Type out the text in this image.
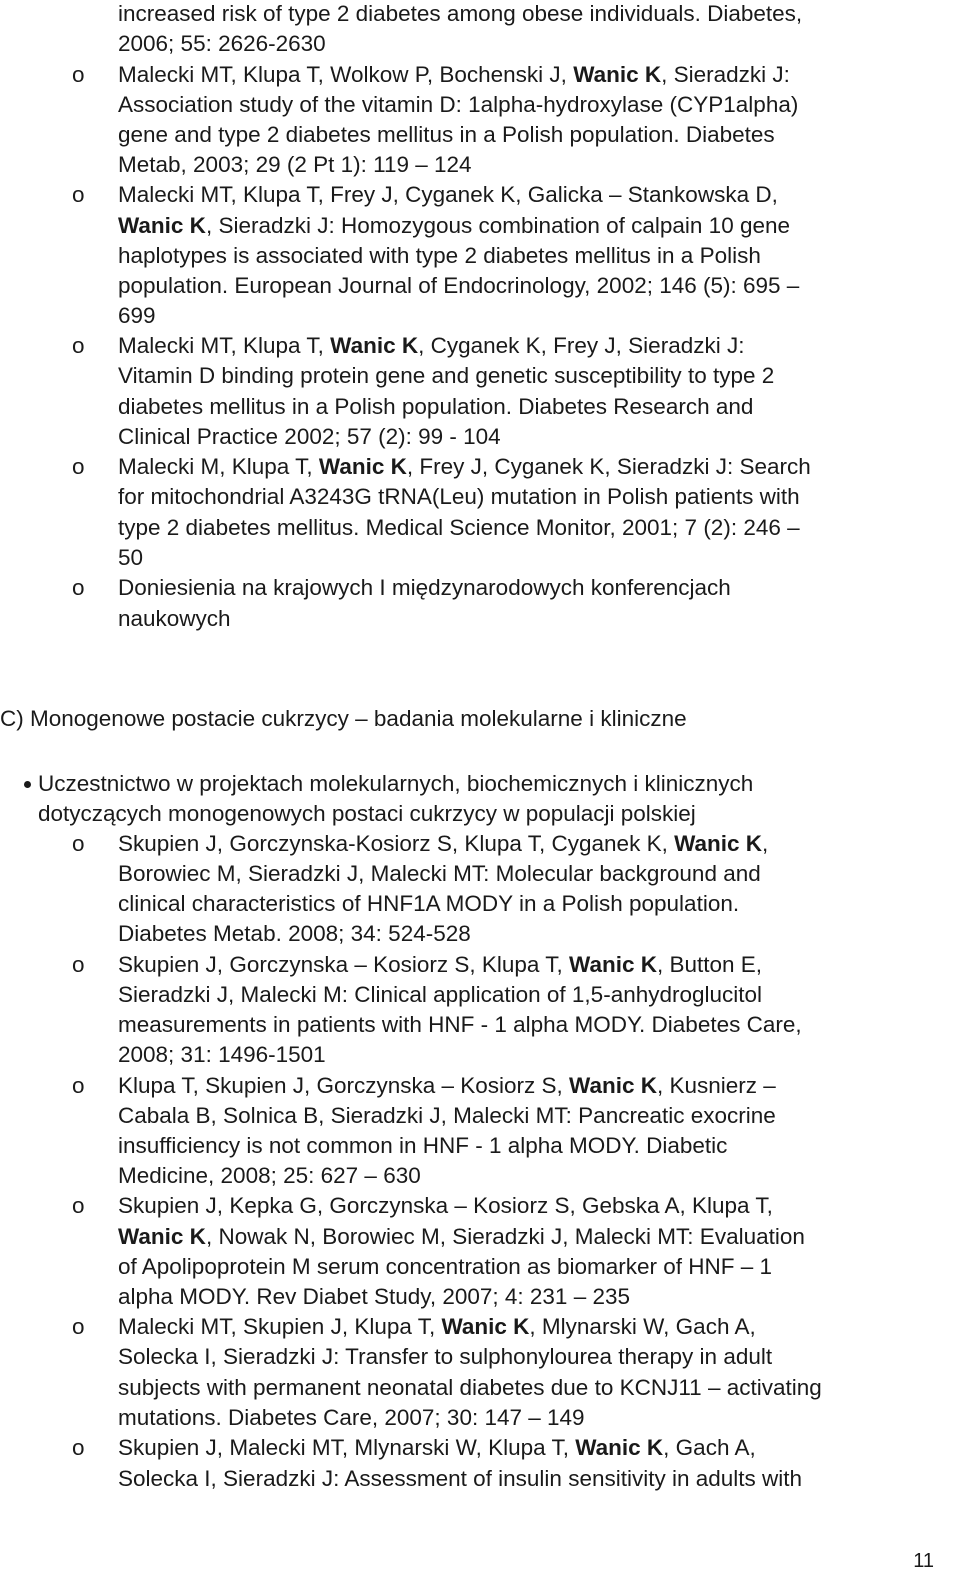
increased risk of type 2 diabetes among obese individuals. Diabetes,
2006; 55: 2626-2630
o Malecki MT, Klupa T, Wolkow P, Bochenski J, Wanic K, Sieradzki J:
Association study of the vitamin D: 1alpha-hydroxylase (CYP1alpha)
gene and type 2 diabetes mellitus in a Polish population. Diabetes
Metab, 2003; 29 (2 Pt 1): 119 – 124
o Malecki MT, Klupa T, Frey J, Cyganek K, Galicka – Stankowska D,
Wanic K, Sieradzki J: Homozygous combination of calpain 10 gene
haplotypes is associated with type 2 diabetes mellitus in a Polish
population. European Journal of Endocrinology, 2002; 146 (5): 695 –
699
o Malecki MT, Klupa T, Wanic K, Cyganek K, Frey J, Sieradzki J:
Vitamin D binding protein gene and genetic susceptibility to type 2
diabetes mellitus in a Polish population. Diabetes Research and
Clinical Practice 2002; 57 (2): 99 - 104
o Malecki M, Klupa T, Wanic K, Frey J, Cyganek K, Sieradzki J: Search
for mitochondrial A3243G tRNA(Leu) mutation in Polish patients with
type 2 diabetes mellitus. Medical Science Monitor, 2001; 7 (2): 246 –
50
o Doniesienia na krajowych I międzynarodowych konferencjach
naukowych
C) Monogenowe postacie cukrzycy – badania molekularne i kliniczne
Uczestnictwo w projektach molekularnych, biochemicznych i klinicznych
dotyczących monogenowych postaci cukrzycy w populacji polskiej
o Skupien J, Gorczynska-Kosiorz S, Klupa T, Cyganek K, Wanic K,
Borowiec M, Sieradzki J, Malecki MT: Molecular background and
clinical characteristics of HNF1A MODY in a Polish population.
Diabetes Metab. 2008; 34: 524-528
o Skupien J, Gorczynska – Kosiorz S, Klupa T, Wanic K, Button E,
Sieradzki J, Malecki M: Clinical application of 1,5-anhydroglucitol
measurements in patients with HNF - 1 alpha MODY. Diabetes Care,
2008; 31: 1496-1501
o Klupa T, Skupien J, Gorczynska – Kosiorz S, Wanic K, Kusnierz –
Cabala B, Solnica B, Sieradzki J, Malecki MT: Pancreatic exocrine
insufficiency is not common in HNF - 1 alpha MODY. Diabetic
Medicine, 2008; 25: 627 – 630
o Skupien J, Kepka G, Gorczynska – Kosiorz S, Gebska A, Klupa T,
Wanic K, Nowak N, Borowiec M, Sieradzki J, Malecki MT: Evaluation
of Apolipoprotein M serum concentration as biomarker of HNF – 1
alpha MODY. Rev Diabet Study, 2007; 4: 231 – 235
o Malecki MT, Skupien J, Klupa T, Wanic K, Mlynarski W, Gach A,
Solecka I, Sieradzki J: Transfer to sulphonylourea therapy in adult
subjects with permanent neonatal diabetes due to KCNJ11 – activating
mutations. Diabetes Care, 2007; 30: 147 – 149
o Skupien J, Malecki MT, Mlynarski W, Klupa T, Wanic K, Gach A,
Solecka I, Sieradzki J: Assessment of insulin sensitivity in adults with
11
